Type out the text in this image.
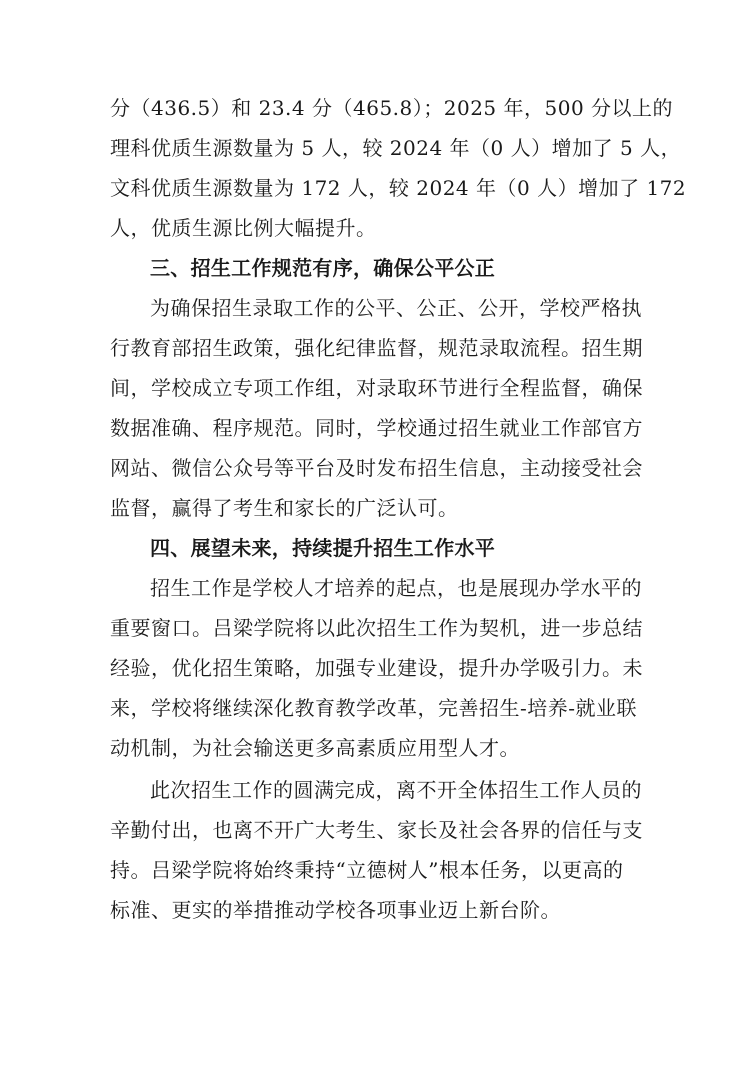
分（436.5）和 23.4 分（465.8）；2025 年，500 分以上的
理科优质生源数量为 5 人，较 2024 年（0 人）增加了 5 人，
文科优质生源数量为 172 人，较 2024 年（0 人）增加了 172
人，优质生源比例大幅提升。
三、招生工作规范有序，确保公平公正
为确保招生录取工作的公平、公正、公开，学校严格执
行教育部招生政策，强化纪律监督，规范录取流程。招生期
间，学校成立专项工作组，对录取环节进行全程监督，确保
数据准确、程序规范。同时，学校通过招生就业工作部官方
网站、微信公众号等平台及时发布招生信息，主动接受社会
监督，赢得了考生和家长的广泛认可。
四、展望未来，持续提升招生工作水平
招生工作是学校人才培养的起点，也是展现办学水平的
重要窗口。吕梁学院将以此次招生工作为契机，进一步总结
经验，优化招生策略，加强专业建设，提升办学吸引力。未
来，学校将继续深化教育教学改革，完善招生-培养-就业联
动机制，为社会输送更多高素质应用型人才。
此次招生工作的圆满完成，离不开全体招生工作人员的
辛勤付出，也离不开广大考生、家长及社会各界的信任与支
持。吕梁学院将始终秉持“立德树人”根本任务，以更高的
标准、更实的举措推动学校各项事业迈上新台阶。
